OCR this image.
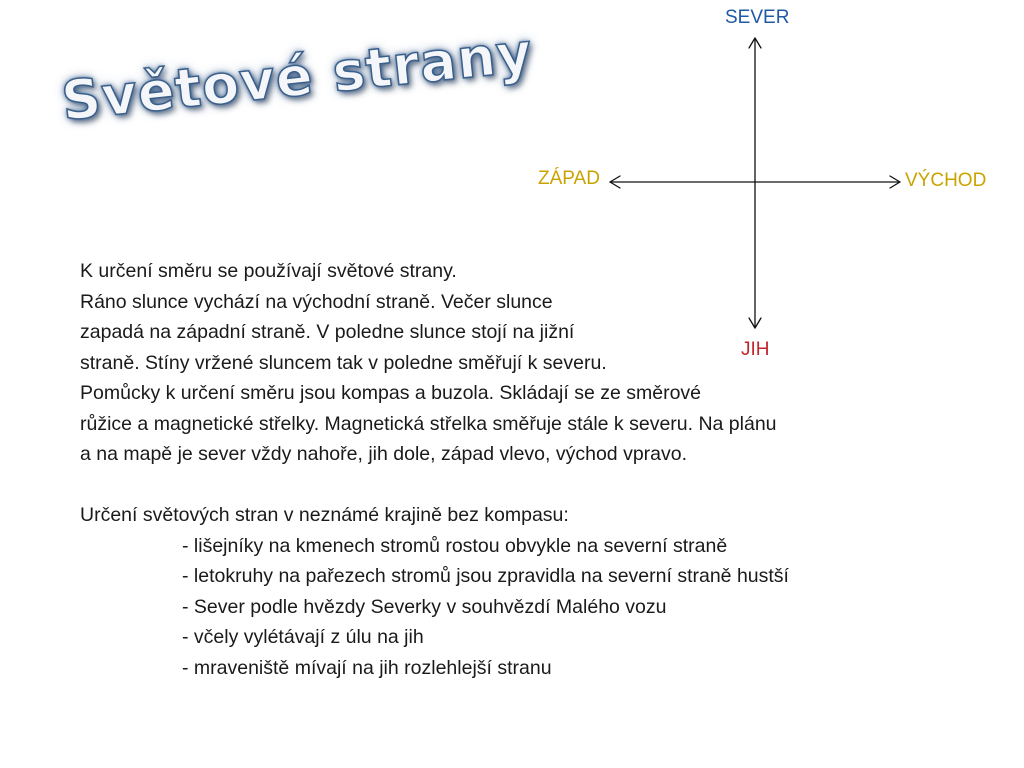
Světové strany
SEVER
ZÁPAD	VÝCHOD
JIH
K určení směru se používají světové strany.
Ráno slunce vychází na východní straně. Večer slunce
zapadá na západní straně. V poledne slunce stojí na jižní
straně. Stíny vržené sluncem tak v poledne směřují k severu.
Pomůcky k určení směru jsou kompas a buzola. Skládají se ze směrové
růžice a magnetické střelky. Magnetická střelka směřuje stále k severu. Na plánu
a na mapě je sever vždy nahoře, jih dole, západ vlevo, východ vpravo.
Určení světových stran v neznámé krajině bez kompasu:
- lišejníky na kmenech stromů rostou obvykle na severní straně
- letokruhy na pařezech stromů jsou zpravidla na severní straně hustší
- Sever podle hvězdy Severky v souhvězdí Malého vozu
- včely vylétávají z úlu na jih
- mraveniště mívají na jih rozlehlejší stranu
